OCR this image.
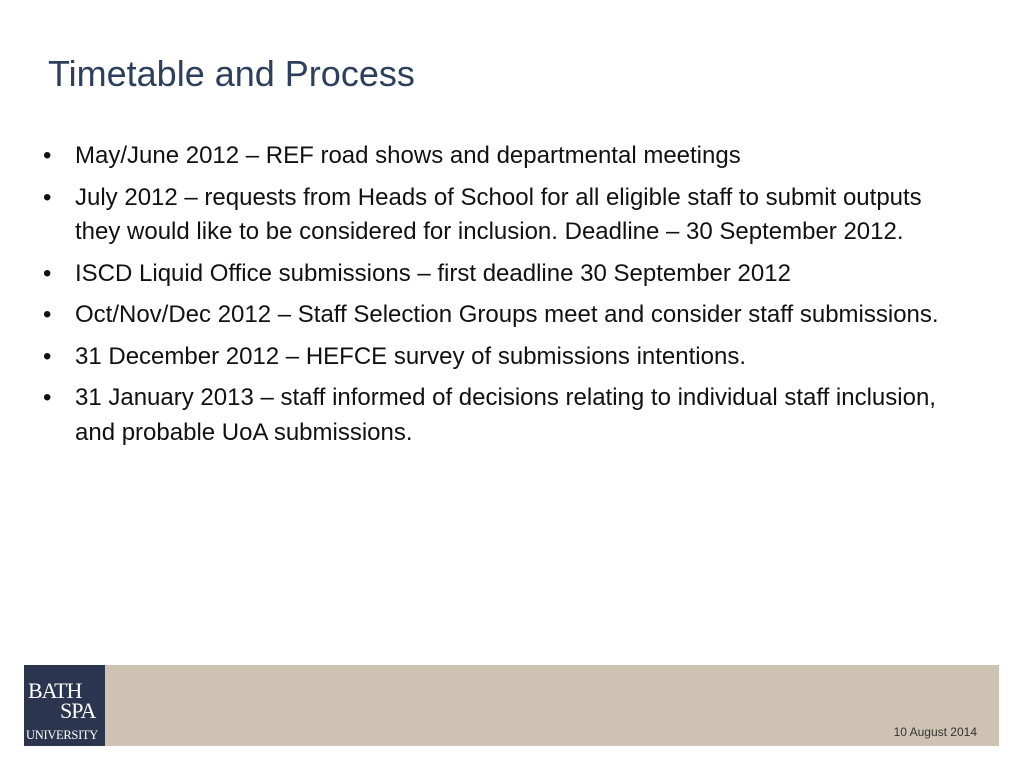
Timetable and Process
• May/June 2012 – REF road shows and departmental meetings
• July 2012 – requests from Heads of School for all eligible staff to submit outputs they would like to be considered for inclusion. Deadline – 30 September 2012.
• ISCD Liquid Office submissions – first deadline 30 September 2012
• Oct/Nov/Dec 2012 – Staff Selection Groups meet and consider staff submissions.
• 31 December 2012 – HEFCE survey of submissions intentions.
• 31 January 2013 – staff informed of decisions relating to individual staff inclusion, and probable UoA submissions.
BATH
SPA
UNIVERSITY	10 August 2014
